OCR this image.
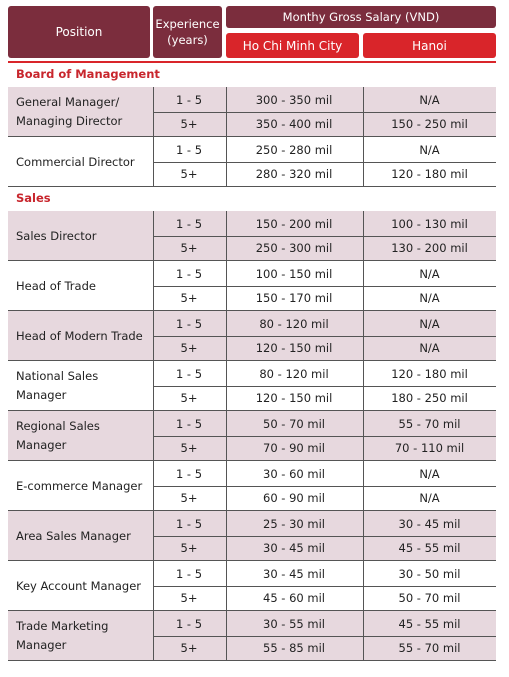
Position
Experience
(years)
Monthy Gross Salary (VND)
Ho Chi Minh City	Hanoi
Board of Management
General Manager/ Managing Director
1 - 5	300 - 350 mil	N/A
5+	350 - 400 mil	150 - 250 mil
Commercial Director
1 - 5	250 - 280 mil	N/A
5+	280 - 320 mil	120 - 180 mil
Sales
Sales Director
1 - 5	150 - 200 mil	100 - 130 mil
5+	250 - 300 mil	130 - 200 mil
Head of Trade
1 - 5	100 - 150 mil	N/A
5+	150 - 170 mil	N/A
Head of Modern Trade
1 - 5	80 - 120 mil	N/A
5+	120 - 150 mil	N/A
National Sales Manager
1 - 5	80 - 120 mil	120 - 180 mil
5+	120 - 150 mil	180 - 250 mil
Regional Sales Manager
1 - 5	50 - 70 mil	55 - 70 mil
5+	70 - 90 mil	70 - 110 mil
E-commerce Manager
1 - 5	30 - 60 mil	N/A
5+	60 - 90 mil	N/A
Area Sales Manager
1 - 5	25 - 30 mil	30 - 45 mil
5+	30 - 45 mil	45 - 55 mil
Key Account Manager
1 - 5	30 - 45 mil	30 - 50 mil
5+	45 - 60 mil	50 - 70 mil
Trade Marketing Manager
1 - 5	30 - 55 mil	45 - 55 mil
5+	55 - 85 mil	55 - 70 mil
